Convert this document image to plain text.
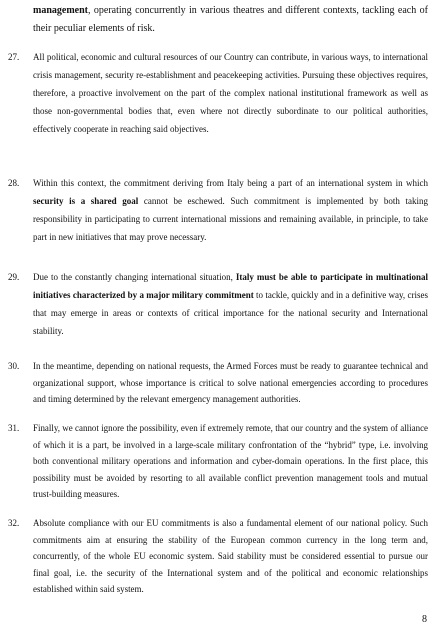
management, operating concurrently in various theatres and different contexts, tackling each of their peculiar elements of risk.
27. All political, economic and cultural resources of our Country can contribute, in various ways, to international crisis management, security re-establishment and peacekeeping activities. Pursuing these objectives requires, therefore, a proactive involvement on the part of the complex national institutional framework as well as those non-governmental bodies that, even where not directly subordinate to our political authorities, effectively cooperate in reaching said objectives.
28. Within this context, the commitment deriving from Italy being a part of an international system in which security is a shared goal cannot be eschewed. Such commitment is implemented by both taking responsibility in participating to current international missions and remaining available, in principle, to take part in new initiatives that may prove necessary.
29. Due to the constantly changing international situation, Italy must be able to participate in multinational initiatives characterized by a major military commitment to tackle, quickly and in a definitive way, crises that may emerge in areas or contexts of critical importance for the national security and International stability.
30. In the meantime, depending on national requests, the Armed Forces must be ready to guarantee technical and organizational support, whose importance is critical to solve national emergencies according to procedures and timing determined by the relevant emergency management authorities.
31. Finally, we cannot ignore the possibility, even if extremely remote, that our country and the system of alliance of which it is a part, be involved in a large-scale military confrontation of the “hybrid” type, i.e. involving both conventional military operations and information and cyber-domain operations. In the first place, this possibility must be avoided by resorting to all available conflict prevention management tools and mutual trust-building measures.
32. Absolute compliance with our EU commitments is also a fundamental element of our national policy. Such commitments aim at ensuring the stability of the European common currency in the long term and, concurrently, of the whole EU economic system. Said stability must be considered essential to pursue our final goal, i.e. the security of the International system and of the political and economic relationships established within said system.
8
